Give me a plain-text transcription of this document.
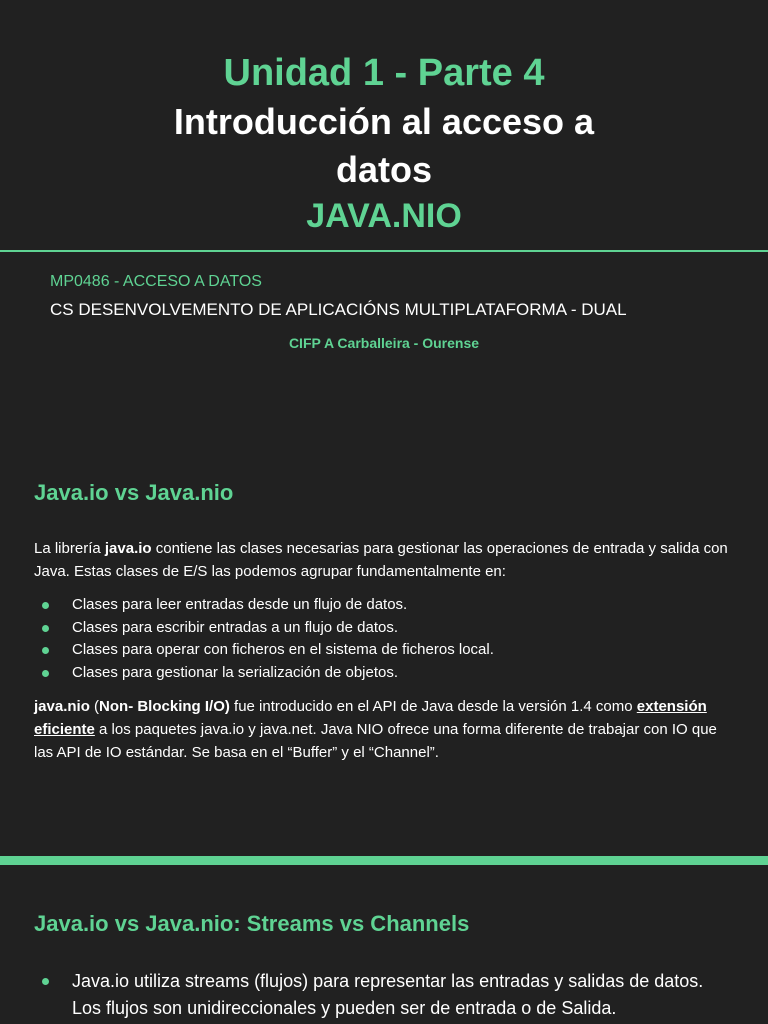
Unidad 1 - Parte 4
Introducción al acceso a datos
JAVA.NIO
MP0486 - ACCESO A DATOS
CS DESENVOLVEMENTO DE APLICACIÓNS MULTIPLATAFORMA - DUAL
CIFP A Carballeira - Ourense
Java.io vs Java.nio

La librería java.io contiene las clases necesarias para gestionar las operaciones de entrada y salida con Java. Estas clases de E/S las podemos agrupar fundamentalmente en:

Clases para leer entradas desde un flujo de datos.
Clases para escribir entradas a un flujo de datos.
Clases para operar con ficheros en el sistema de ficheros local.
Clases para gestionar la serialización de objetos.

java.nio (Non- Blocking I/O) fue introducido en el API de Java desde la versión 1.4 como extensión eficiente a los paquetes java.io y java.net. Java NIO ofrece una forma diferente de trabajar con IO que las API de IO estándar. Se basa en el “Buffer” y el “Channel”.

Java.io vs Java.nio: Streams vs Channels
Java.io utiliza streams (flujos) para representar las entradas y salidas de datos. Los flujos son unidireccionales y pueden ser de entrada o de Salida.
